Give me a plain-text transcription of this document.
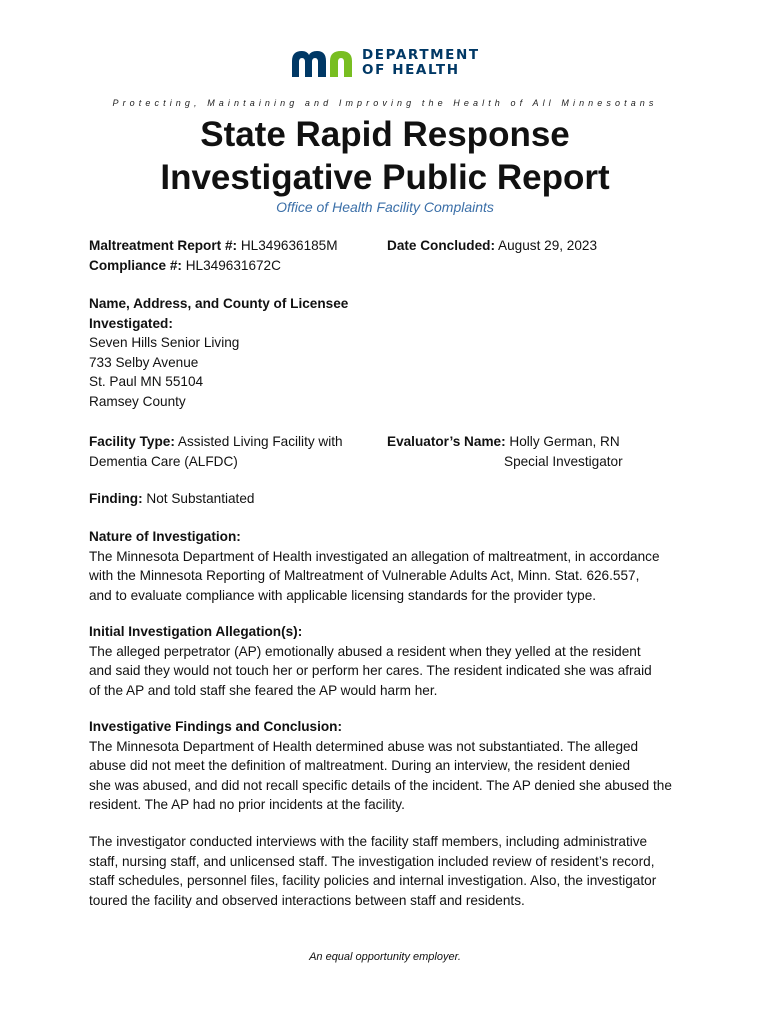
DEPARTMENT
OF HEALTH
Protecting, Maintaining and Improving the Health of All Minnesotans
State Rapid Response
Investigative Public Report
Office of Health Facility Complaints
Maltreatment Report #: HL349636185M
Compliance #: HL349631672C
Date Concluded: August 29, 2023
Name, Address, and County of Licensee
Investigated:
Seven Hills Senior Living
733 Selby Avenue
St. Paul MN 55104
Ramsey County
Facility Type: Assisted Living Facility with
Dementia Care (ALFDC)
Evaluator’s Name: Holly German, RN
Special Investigator
Finding: Not Substantiated
Nature of Investigation:
The Minnesota Department of Health investigated an allegation of maltreatment, in accordance
with the Minnesota Reporting of Maltreatment of Vulnerable Adults Act, Minn. Stat. 626.557,
and to evaluate compliance with applicable licensing standards for the provider type.
Initial Investigation Allegation(s):
The alleged perpetrator (AP) emotionally abused a resident when they yelled at the resident
and said they would not touch her or perform her cares. The resident indicated she was afraid
of the AP and told staff she feared the AP would harm her.
Investigative Findings and Conclusion:
The Minnesota Department of Health determined abuse was not substantiated. The alleged
abuse did not meet the definition of maltreatment. During an interview, the resident denied
she was abused, and did not recall specific details of the incident. The AP denied she abused the
resident. The AP had no prior incidents at the facility.
The investigator conducted interviews with the facility staff members, including administrative
staff, nursing staff, and unlicensed staff. The investigation included review of resident’s record,
staff schedules, personnel files, facility policies and internal investigation. Also, the investigator
toured the facility and observed interactions between staff and residents.
An equal opportunity employer.
